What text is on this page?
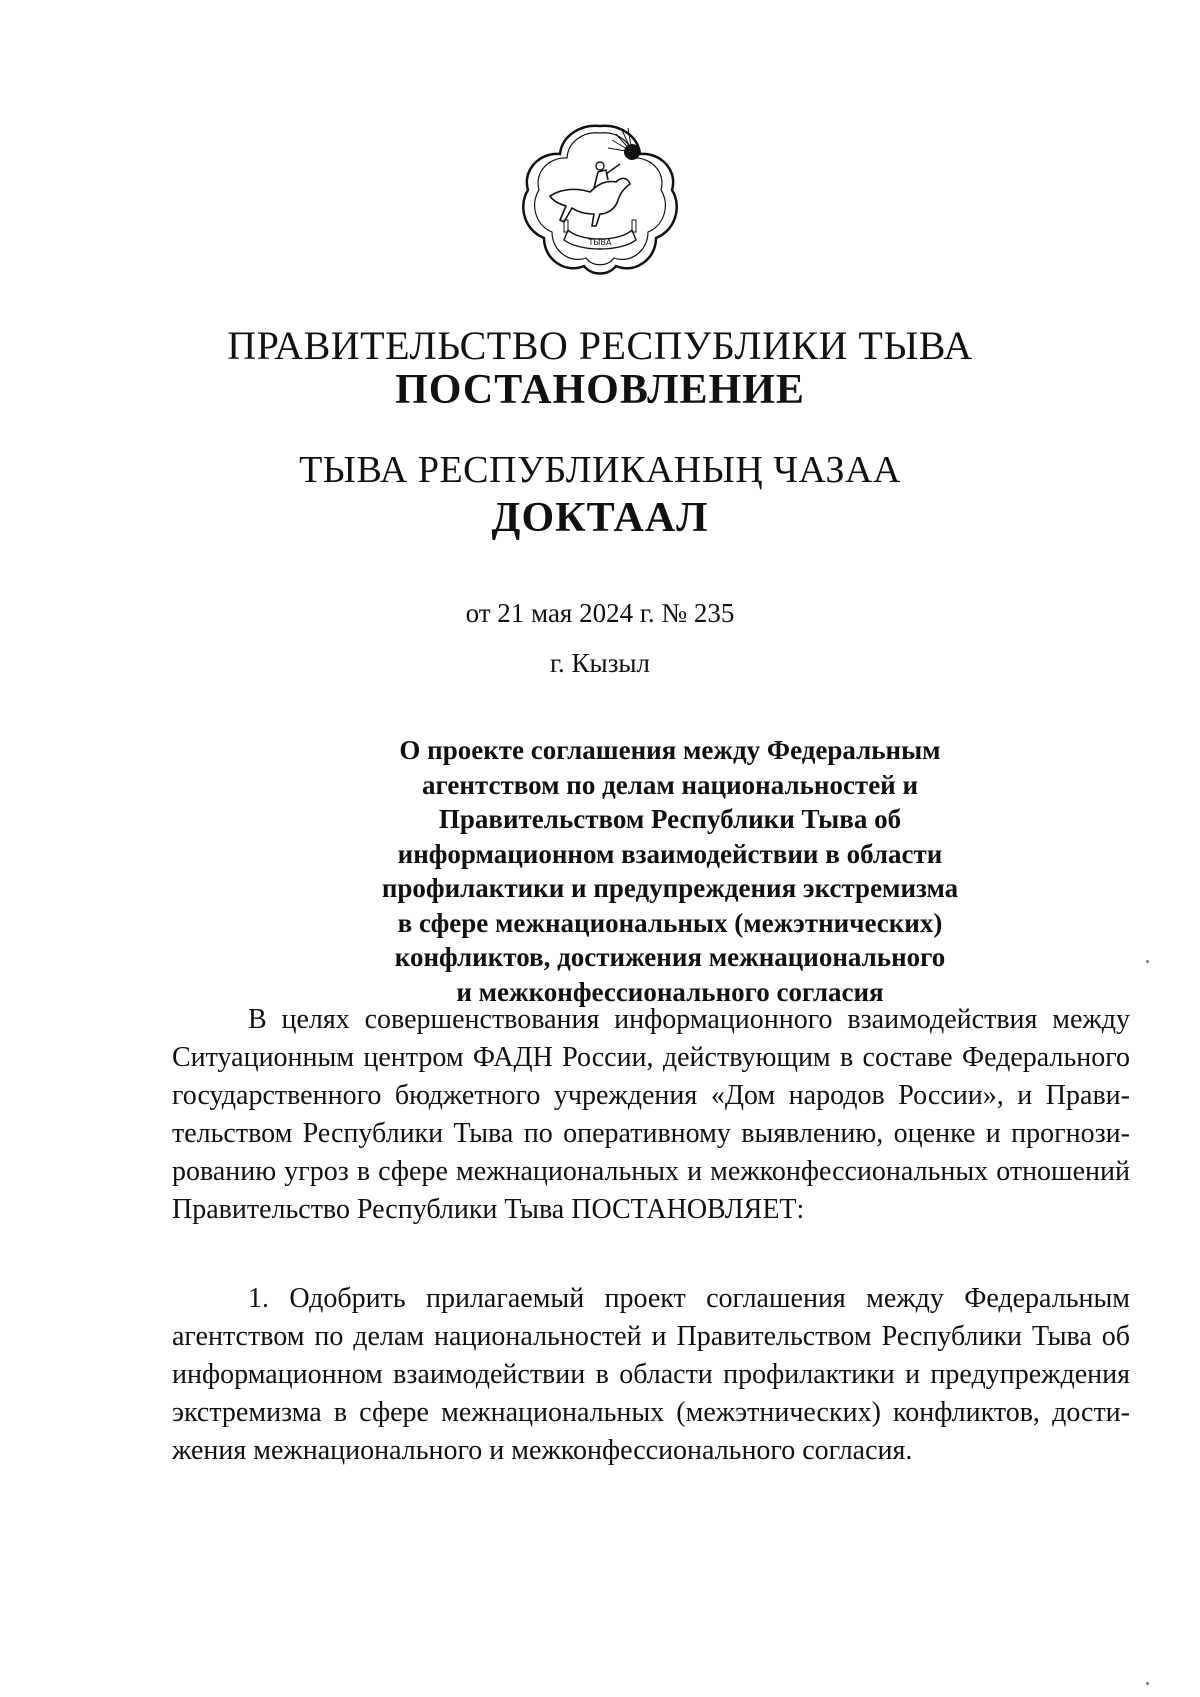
ТЫВА
ПРАВИТЕЛЬСТВО РЕСПУБЛИКИ ТЫВА
ПОСТАНОВЛЕНИЕ
ТЫВА РЕСПУБЛИКАНЫҢ ЧАЗАА
ДОКТААЛ
от 21 мая 2024 г. № 235
г. Кызыл
О проекте соглашения между Федеральным
агентством по делам национальностей и
Правительством Республики Тыва об
информационном взаимодействии в области
профилактики и предупреждения экстремизма
в сфере межнациональных (межэтнических)
конфликтов, достижения межнационального
и межконфессионального согласия
В целях совершенствования информационного взаимодействия между
Ситуационным центром ФАДН России, действующим в составе Федерального
государственного бюджетного учреждения «Дом народов России», и Прави-
тельством Республики Тыва по оперативному выявлению, оценке и прогнози-
рованию угроз в сфере межнациональных и межконфессиональных отношений
Правительство Республики Тыва ПОСТАНОВЛЯЕТ:
1. Одобрить прилагаемый проект соглашения между Федеральным
агентством по делам национальностей и Правительством Республики Тыва об
информационном взаимодействии в области профилактики и предупреждения
экстремизма в сфере межнациональных (межэтнических) конфликтов, дости-
жения межнационального и межконфессионального согласия.
